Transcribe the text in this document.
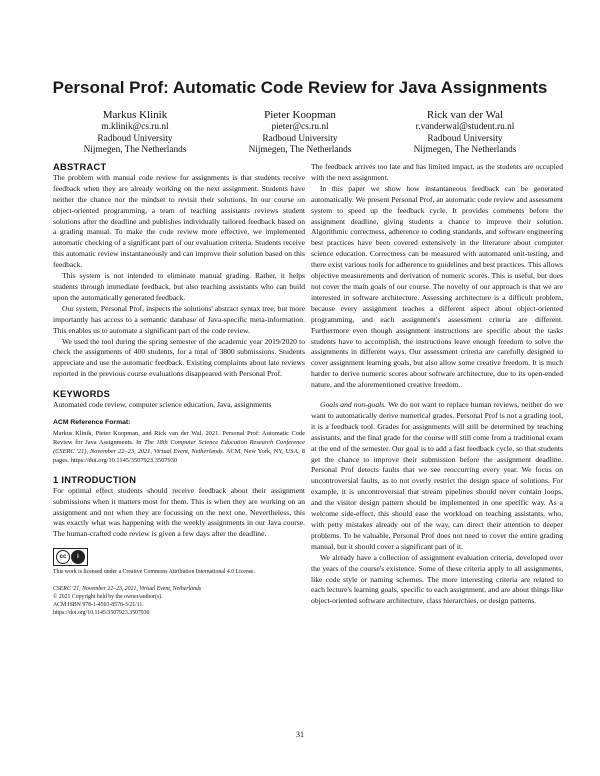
Personal Prof: Automatic Code Review for Java Assignments
Markus Klinik
m.klinik@cs.ru.nl
Radboud University
Nijmegen, The Netherlands
Pieter Koopman
pieter@cs.ru.nl
Radboud University
Nijmegen, The Netherlands
Rick van der Wal
r.vanderwal@student.ru.nl
Radboud University
Nijmegen, The Netherlands
ABSTRACT

The problem with manual code review for assignments is that students receive feedback when they are already working on the next assignment. Students have neither the chance nor the mindset to revisit their solutions. In our course on object-oriented programming, a team of teaching assistants reviews student solutions after the deadline and publishes individually tailored feedback based on a grading manual. To make the code review more effective, we implemented automatic checking of a significant part of our evaluation criteria. Students receive this automatic review instantaneously and can improve their solution based on this feedback.

This system is not intended to eliminate manual grading. Rather, it helps students through immediate feedback, but also teaching assistants who can build upon the automatically generated feedback.

Our system, Personal Prof, inspects the solutions' abstract syntax tree, but more importantly has access to a semantic database of Java-specific meta-information. This enables us to automate a significant part of the code review.

We used the tool during the spring semester of the academic year 2019/2020 to check the assignments of 400 students, for a total of 3800 submissions. Students appreciate and use the automatic feedback. Existing complaints about late reviews reported in the previous course evaluations disappeared with Personal Prof.

KEYWORDS

Automated code review, computer science education, Java, assignments

ACM Reference Format:
Markus Klinik, Pieter Koopman, and Rick van der Wal. 2021. Personal Prof: Automatic Code Review for Java Assignments. In The 18th Computer Science Education Research Conference (CSERC '21), November 22–23, 2021, Virtual Event, Netherlands. ACM, New York, NY, USA, 8 pages. https://doi.org/10.1145/3507923.3507930
1 INTRODUCTION

For optimal effect students should receive feedback about their assignment submissions when it matters most for them. This is when they are working on an assignment and not when they are focussing on the next one. Nevertheless, this was exactly what was happening with the weekly assignments in our Java course. The human-crafted code review is given a few days after the deadline.

cc	i
This work is licensed under a Creative Commons Attribution International 4.0 License.
CSERC '21, November 22–23, 2021, Virtual Event, Netherlands
© 2021 Copyright held by the owner/author(s).
ACM ISBN 978-1-4503-8576-3/21/11.
https://doi.org/10.1145/3507923.3507930

The feedback arrives too late and has limited impact, as the students are occupied with the next assignment.

In this paper we show how instantaneous feedback can be generated automatically. We present Personal Prof, an automatic code review and assessment system to speed up the feedback cycle. It provides comments before the assignment deadline, giving students a chance to improve their solution. Algorithmic correctness, adherence to coding standards, and software engineering best practices have been covered extensively in the literature about computer science education. Correctness can be measured with automated unit-testing, and there exist various tools for adherence to guidelines and best practices. This allows objective measurements and derivation of numeric scores. This is useful, but does not cover the main goals of our course. The novelty of our approach is that we are interested in software architecture. Assessing architecture is a difficult problem, because every assignment teaches a different aspect about object-oriented programming, and each assignment's assessment criteria are different. Furthermore even though assignment instructions are specific about the tasks students have to accomplish, the instructions leave enough freedom to solve the assignments in different ways. Our assessment criteria are carefully designed to cover assignment learning goals, but also allow some creative freedom. It is much harder to derive numeric scores about software architecture, due to its open-ended nature, and the aforementioned creative freedom.

Goals and non-goals. We do not want to replace human reviews, neither do we want to automatically derive numerical grades. Personal Prof is not a grading tool, it is a feedback tool. Grades for assignments will still be determined by teaching assistants, and the final grade for the course will still come from a traditional exam at the end of the semester. Our goal is to add a fast feedback cycle, so that students get the chance to improve their submission before the assignment deadline. Personal Prof detects faults that we see reoccurring every year. We focus on uncontroversial faults, as to not overly restrict the design space of solutions. For example, it is uncontroversial that stream pipelines should never contain loops, and the visitor design pattern should be implemented in one specific way. As a welcome side-effect, this should ease the workload on teaching assistants, who, with petty mistakes already out of the way, can direct their attention to deeper problems. To be valuable, Personal Prof does not need to cover the entire grading manual, but it should cover a significant part of it.

We already have a collection of assignment evaluation criteria, developed over the years of the course's existence. Some of these criteria apply to all assignments, like code style or naming schemes. The more interesting criteria are related to each lecture's learning goals, specific to each assignment, and are about things like object-oriented software architecture, class hierarchies, or design patterns.

31
